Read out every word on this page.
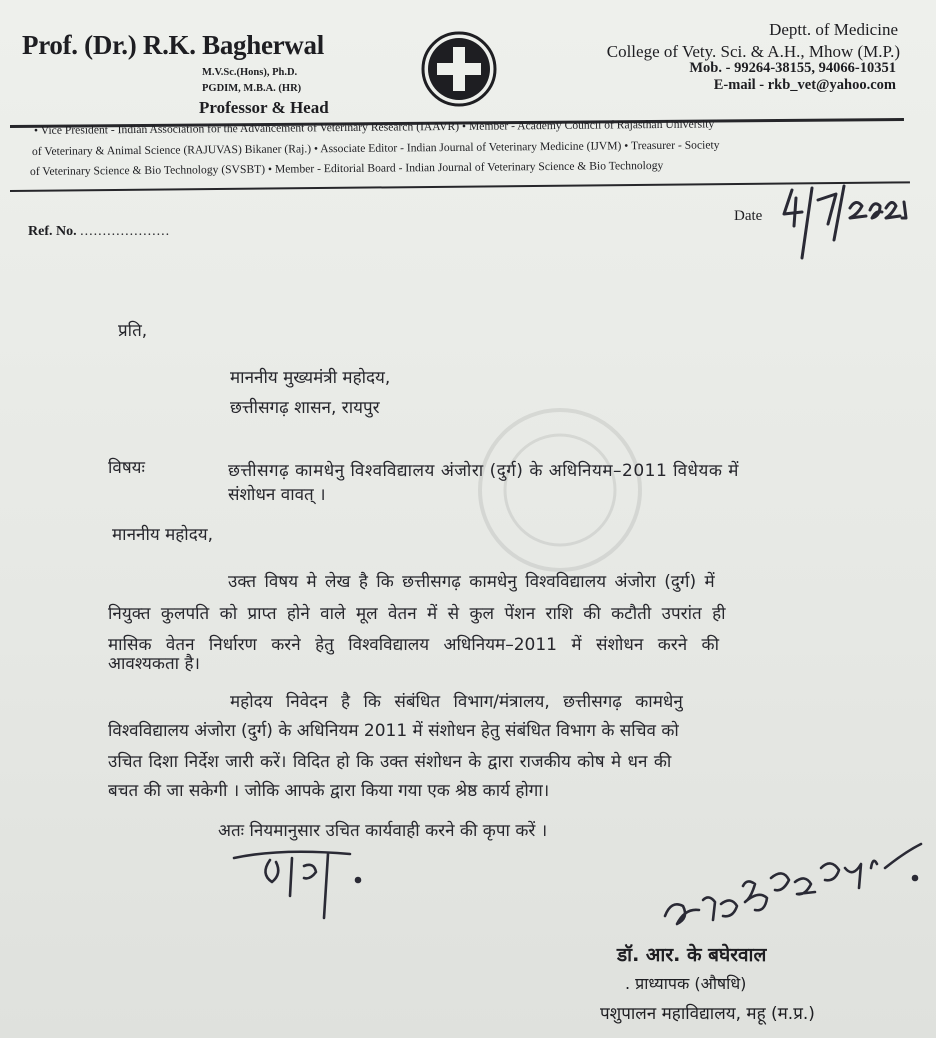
Prof. (Dr.) R.K. Bagherwal
M.V.Sc.(Hons), Ph.D.
PGDIM, M.B.A. (HR)
Professor & Head
Deptt. of Medicine
College of Vety. Sci. & A.H., Mhow (M.P.)
Mob. - 99264-38155, 94066-10351
E-mail - rkb_vet@yahoo.com
• Vice President - Indian Association for the Advancement of Veterinary Research (IAAVR) • Member - Academy Council of Rajasthan University
of Veterinary & Animal Science (RAJUVAS) Bikaner (Raj.) • Associate Editor - Indian Journal of Veterinary Medicine (IJVM) • Treasurer - Society
of Veterinary Science & Bio Technology (SVSBT) • Member - Editorial Board - Indian Journal of Veterinary Science & Bio Technology
Ref. No. ....................
Date
प्रति,
माननीय मुख्यमंत्री महोदय,
छत्तीसगढ़ शासन, रायपुर
विषयः	छत्तीसगढ़ कामधेनु विश्वविद्यालय अंजोरा (दुर्ग) के अधिनियम–2011 विधेयक में
संशोधन वावत् ।
माननीय महोदय,
उक्त विषय मे लेख है कि छत्तीसगढ़ कामधेनु विश्वविद्यालय अंजोरा (दुर्ग) में
नियुक्त कुलपति को प्राप्त होने वाले मूल वेतन में से कुल पेंशन राशि की कटौती उपरांत ही
मासिक वेतन निर्धारण करने हेतु विश्वविद्यालय अधिनियम–2011 में संशोधन करने की
आवश्यकता है।
महोदय निवेदन है कि संबंधित विभाग/मंत्रालय, छत्तीसगढ़ कामधेनु
विश्वविद्यालय अंजोरा (दुर्ग) के अधिनियम 2011 में संशोधन हेतु संबंधित विभाग के सचिव को
उचित दिशा निर्देश जारी करें। विदित हो कि उक्त संशोधन के द्वारा राजकीय कोष मे धन की
बचत की जा सकेगी । जोकि आपके द्वारा किया गया एक श्रेष्ठ कार्य होगा।
अतः नियमानुसार उचित कार्यवाही करने की कृपा करें ।
डॉ. आर. के बघेरवाल
. प्राध्यापक (औषधि)
पशुपालन महाविद्यालय, महू (म.प्र.)
